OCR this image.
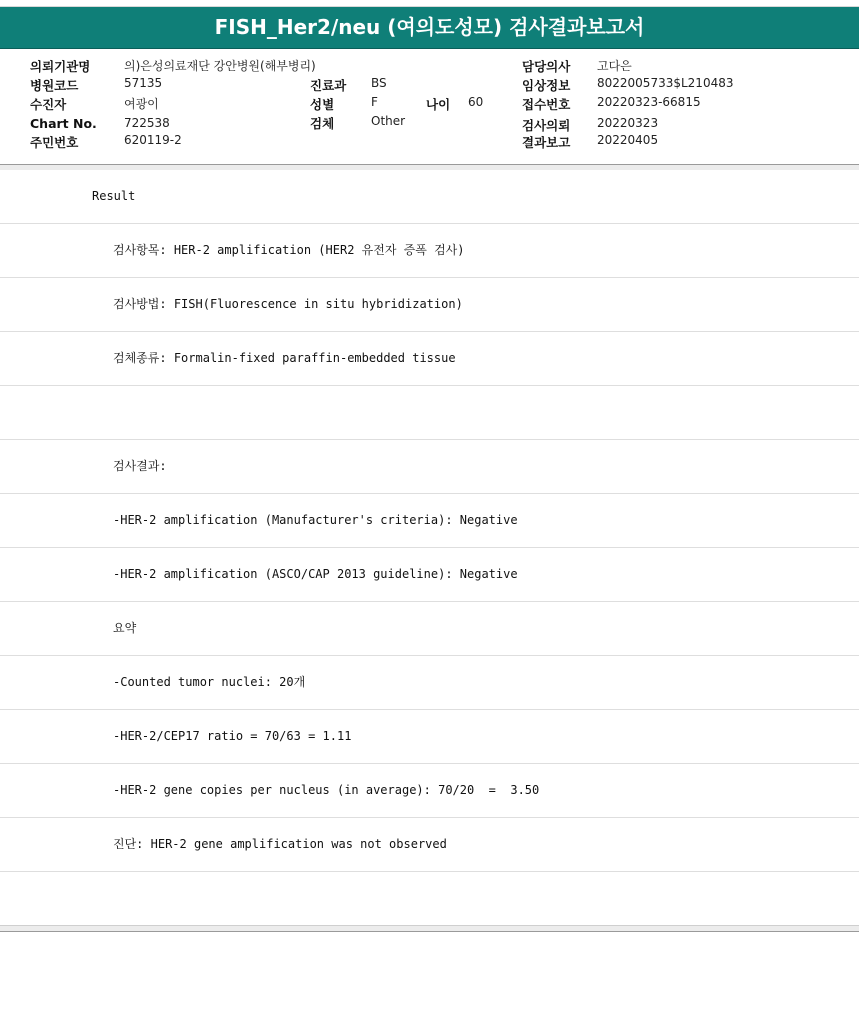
FISH_Her2/neu (여의도성모) 검사결과보고서
의뢰기관명	의)은성의료재단 강안병원(해부병리)
병원코드	57135
수진자	여광이
Chart No. 722538
주민번호	620119-2
진료과 BS
성별	F	나이 60
검체	Other
담당의사 고다은
임상정보 8022005733$L210483
접수번호 20220323-66815
검사의뢰 20220323
결과보고 20220405
Result
검사항목: HER-2 amplification (HER2 유전자 증폭 검사)
검사방법: FISH(Fluorescence in situ hybridization)
검체종류: Formalin-fixed paraffin-embedded tissue
검사결과:
-HER-2 amplification (Manufacturer's criteria): Negative
-HER-2 amplification (ASCO/CAP 2013 guideline): Negative
요약
-Counted tumor nuclei: 20개
-HER-2/CEP17 ratio = 70/63 = 1.11
-HER-2 gene copies per nucleus (in average): 70/20  =  3.50
진단: HER-2 gene amplification was not observed
